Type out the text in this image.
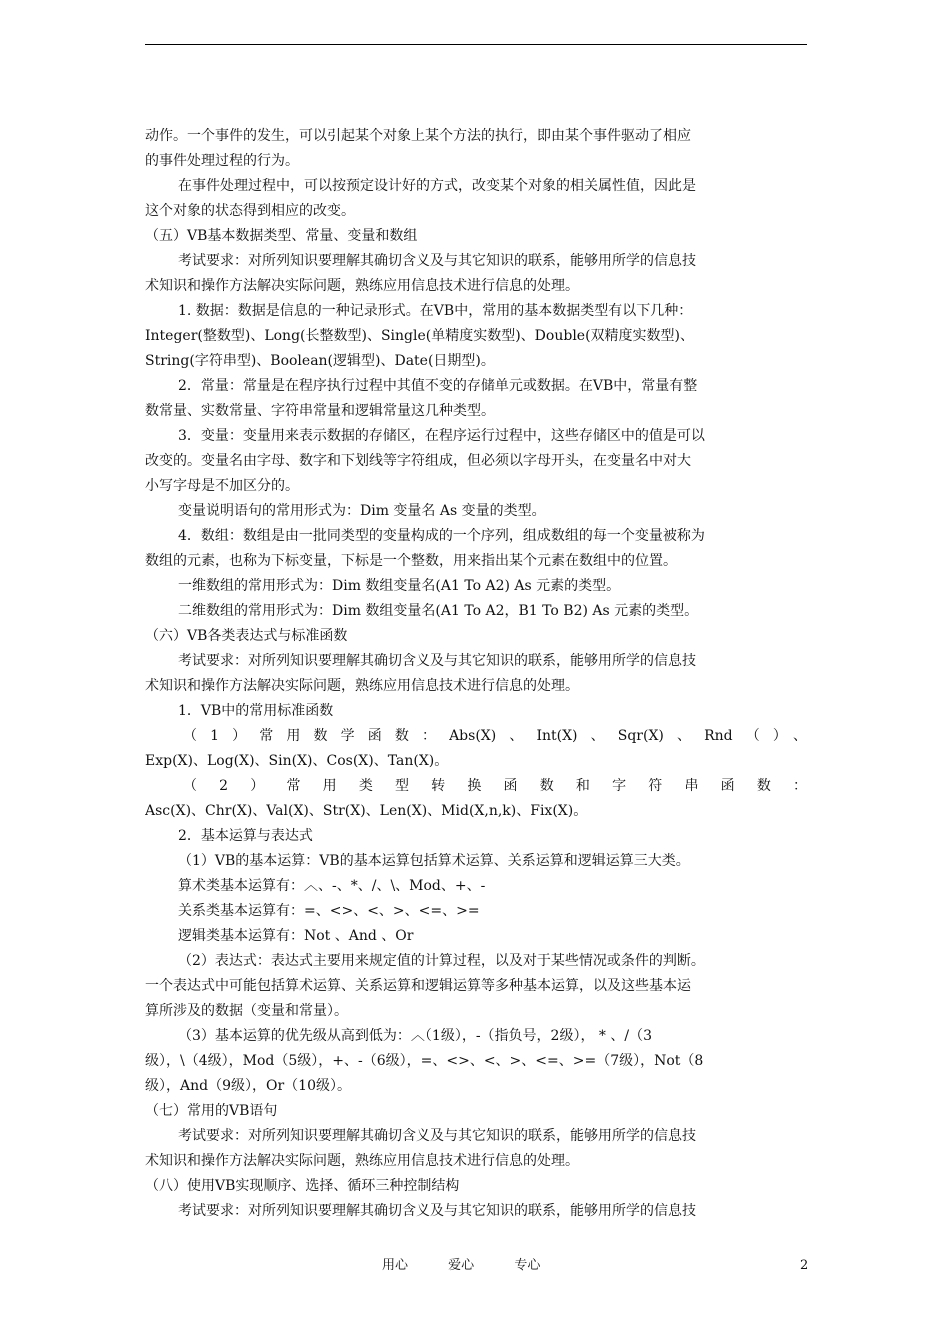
动作。一个事件的发生，可以引起某个对象上某个方法的执行，即由某个事件驱动了相应
的事件处理过程的行为。
在事件处理过程中，可以按预定设计好的方式，改变某个对象的相关属性值，因此是
这个对象的状态得到相应的改变。
（五）VB基本数据类型、常量、变量和数组
考试要求：对所列知识要理解其确切含义及与其它知识的联系，能够用所学的信息技
术知识和操作方法解决实际问题，熟练应用信息技术进行信息的处理。
1. 数据：数据是信息的一种记录形式。在VB中，常用的基本数据类型有以下几种：
Integer(整数型)、Long(长整数型)、Single(单精度实数型)、Double(双精度实数型)、
String(字符串型)、Boolean(逻辑型)、Date(日期型)。
2．常量：常量是在程序执行过程中其值不变的存储单元或数据。在VB中，常量有整
数常量、实数常量、字符串常量和逻辑常量这几种类型。
3．变量：变量用来表示数据的存储区，在程序运行过程中，这些存储区中的值是可以
改变的。变量名由字母、数字和下划线等字符组成，但必须以字母开头，在变量名中对大
小写字母是不加区分的。
变量说明语句的常用形式为：Dim 变量名 As 变量的类型。
4．数组：数组是由一批同类型的变量构成的一个序列，组成数组的每一个变量被称为
数组的元素，也称为下标变量，下标是一个整数，用来指出某个元素在数组中的位置。
一维数组的常用形式为：Dim 数组变量名(A1 To A2) As 元素的类型。
二维数组的常用形式为：Dim 数组变量名(A1 To A2，B1 To B2) As 元素的类型。
（六）VB各类表达式与标准函数
考试要求：对所列知识要理解其确切含义及与其它知识的联系，能够用所学的信息技
术知识和操作方法解决实际问题，熟练应用信息技术进行信息的处理。
1．VB中的常用标准函数
（1）常用数学函数：Abs(X)、Int(X)、Sqr(X)、Rnd（）、
Exp(X)、Log(X)、Sin(X)、Cos(X)、Tan(X)。
（2）常用类型转换函数和字符串函数：
Asc(X)、Chr(X)、Val(X)、Str(X)、Len(X)、Mid(X,n,k)、Fix(X)。
2．基本运算与表达式
（1）VB的基本运算：VB的基本运算包括算术运算、关系运算和逻辑运算三大类。
算术类基本运算有：︿、-、*、/、\、Mod、+、-
关系类基本运算有：=、<>、<、>、<=、>=
逻辑类基本运算有：Not 、And 、Or
（2）表达式：表达式主要用来规定值的计算过程，以及对于某些情况或条件的判断。
一个表达式中可能包括算术运算、关系运算和逻辑运算等多种基本运算，以及这些基本运
算所涉及的数据（变量和常量）。
（3）基本运算的优先级从高到低为：︿（1级），-（指负号，2级）， * 、/（3
级），\（4级），Mod（5级），+、-（6级），=、<>、<、>、<=、>=（7级），Not（8
级），And（9级），Or（10级）。
（七）常用的VB语句
考试要求：对所列知识要理解其确切含义及与其它知识的联系，能够用所学的信息技
术知识和操作方法解决实际问题，熟练应用信息技术进行信息的处理。
（八）使用VB实现顺序、选择、循环三种控制结构
考试要求：对所列知识要理解其确切含义及与其它知识的联系，能够用所学的信息技
用心	爱心	专心	2
